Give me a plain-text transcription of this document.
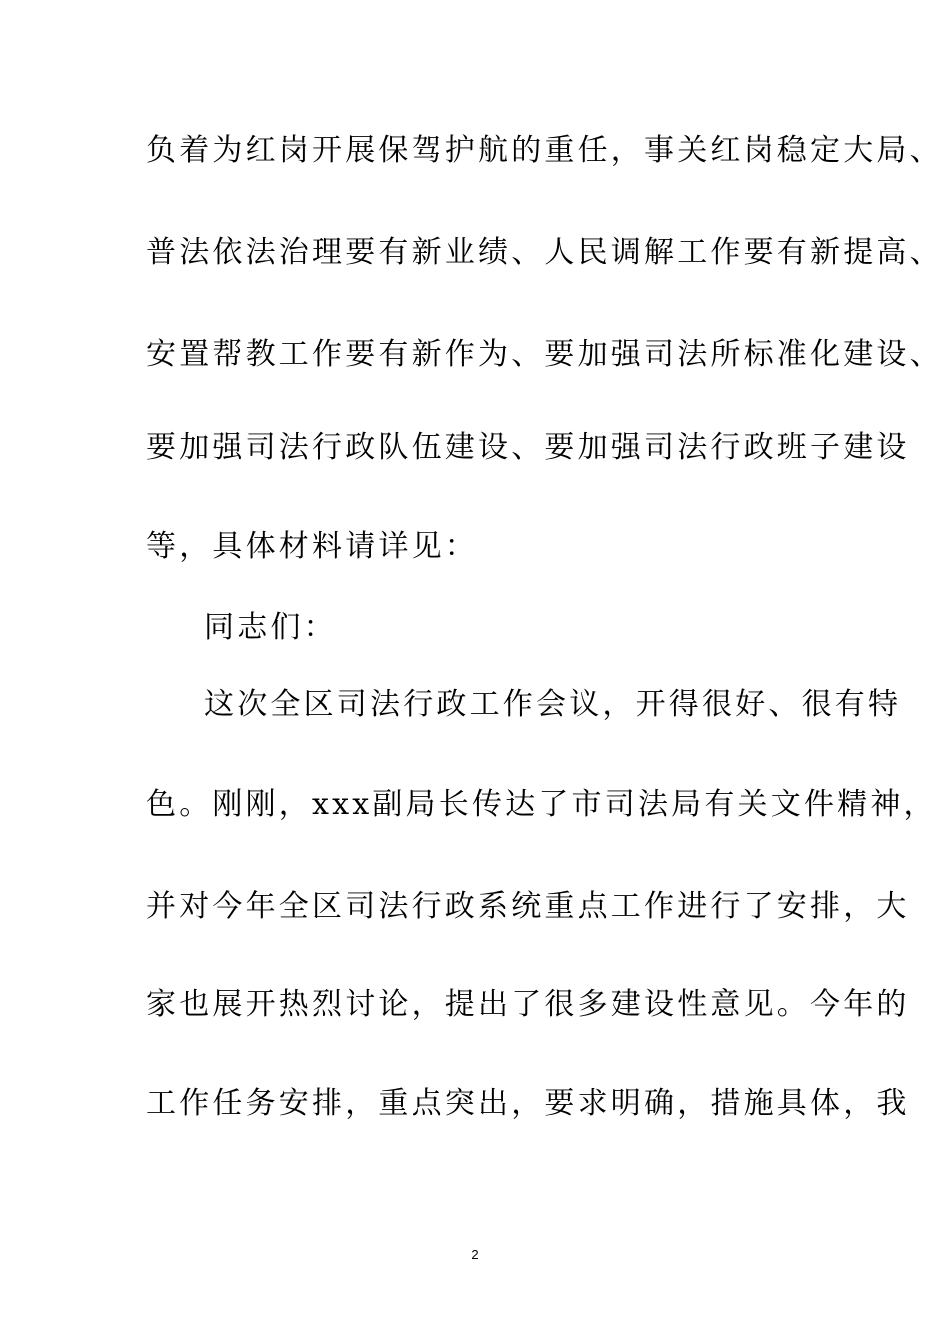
负着为红岗开展保驾护航的重任，事关红岗稳定大局、
普法依法治理要有新业绩、人民调解工作要有新提高、
安置帮教工作要有新作为、要加强司法所标准化建设、
要加强司法行政队伍建设、要加强司法行政班子建设
等，具体材料请详见：
同志们：
这次全区司法行政工作会议，开得很好、很有特
色。刚刚，xxx副局长传达了市司法局有关文件精神，
并对今年全区司法行政系统重点工作进行了安排，大
家也展开热烈讨论，提出了很多建设性意见。今年的
工作任务安排，重点突出，要求明确，措施具体，我
2
